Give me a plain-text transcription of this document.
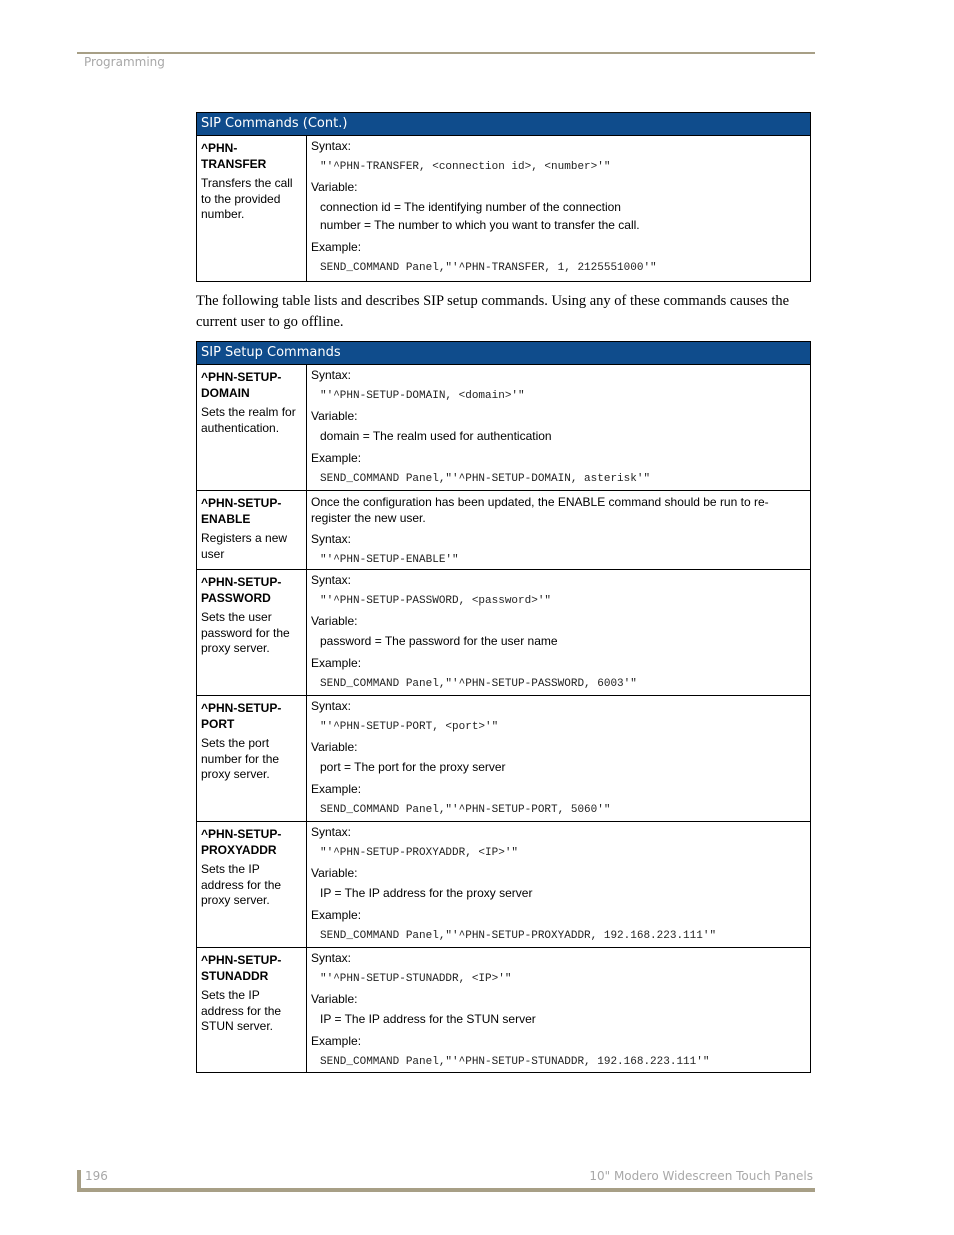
Programming
SIP Commands (Cont.)
^PHN-TRANSFER
Transfers the call to the provided number.
Syntax:
"'^PHN-TRANSFER, <connection id>, <number>'"
Variable:
connection id = The identifying number of the connection
number = The number to which you want to transfer the call.
Example:
SEND_COMMAND Panel,"'^PHN-TRANSFER, 1, 2125551000'"
The following table lists and describes SIP setup commands. Using any of these commands causes the current user to go offline.
SIP Setup Commands
^PHN-SETUP-DOMAIN
Sets the realm for authentication.
Syntax:
"'^PHN-SETUP-DOMAIN, <domain>'"
Variable:
domain = The realm used for authentication
Example:
SEND_COMMAND Panel,"'^PHN-SETUP-DOMAIN, asterisk'"
^PHN-SETUP-ENABLE
Registers a new user
Once the configuration has been updated, the ENABLE command should be run to re-register the new user.
Syntax:
"'^PHN-SETUP-ENABLE'"
^PHN-SETUP-PASSWORD
Sets the user password for the proxy server.
Syntax:
"'^PHN-SETUP-PASSWORD, <password>'"
Variable:
password = The password for the user name
Example:
SEND_COMMAND Panel,"'^PHN-SETUP-PASSWORD, 6003'"
^PHN-SETUP-PORT
Sets the port number for the proxy server.
Syntax:
"'^PHN-SETUP-PORT, <port>'"
Variable:
port = The port for the proxy server
Example:
SEND_COMMAND Panel,"'^PHN-SETUP-PORT, 5060'"
^PHN-SETUP-PROXYADDR
Sets the IP address for the proxy server.
Syntax:
"'^PHN-SETUP-PROXYADDR, <IP>'"
Variable:
IP = The IP address for the proxy server
Example:
SEND_COMMAND Panel,"'^PHN-SETUP-PROXYADDR, 192.168.223.111'"
^PHN-SETUP-STUNADDR
Sets the IP address for the STUN server.
Syntax:
"'^PHN-SETUP-STUNADDR, <IP>'"
Variable:
IP = The IP address for the STUN server
Example:
SEND_COMMAND Panel,"'^PHN-SETUP-STUNADDR, 192.168.223.111'"
196	10" Modero Widescreen Touch Panels
